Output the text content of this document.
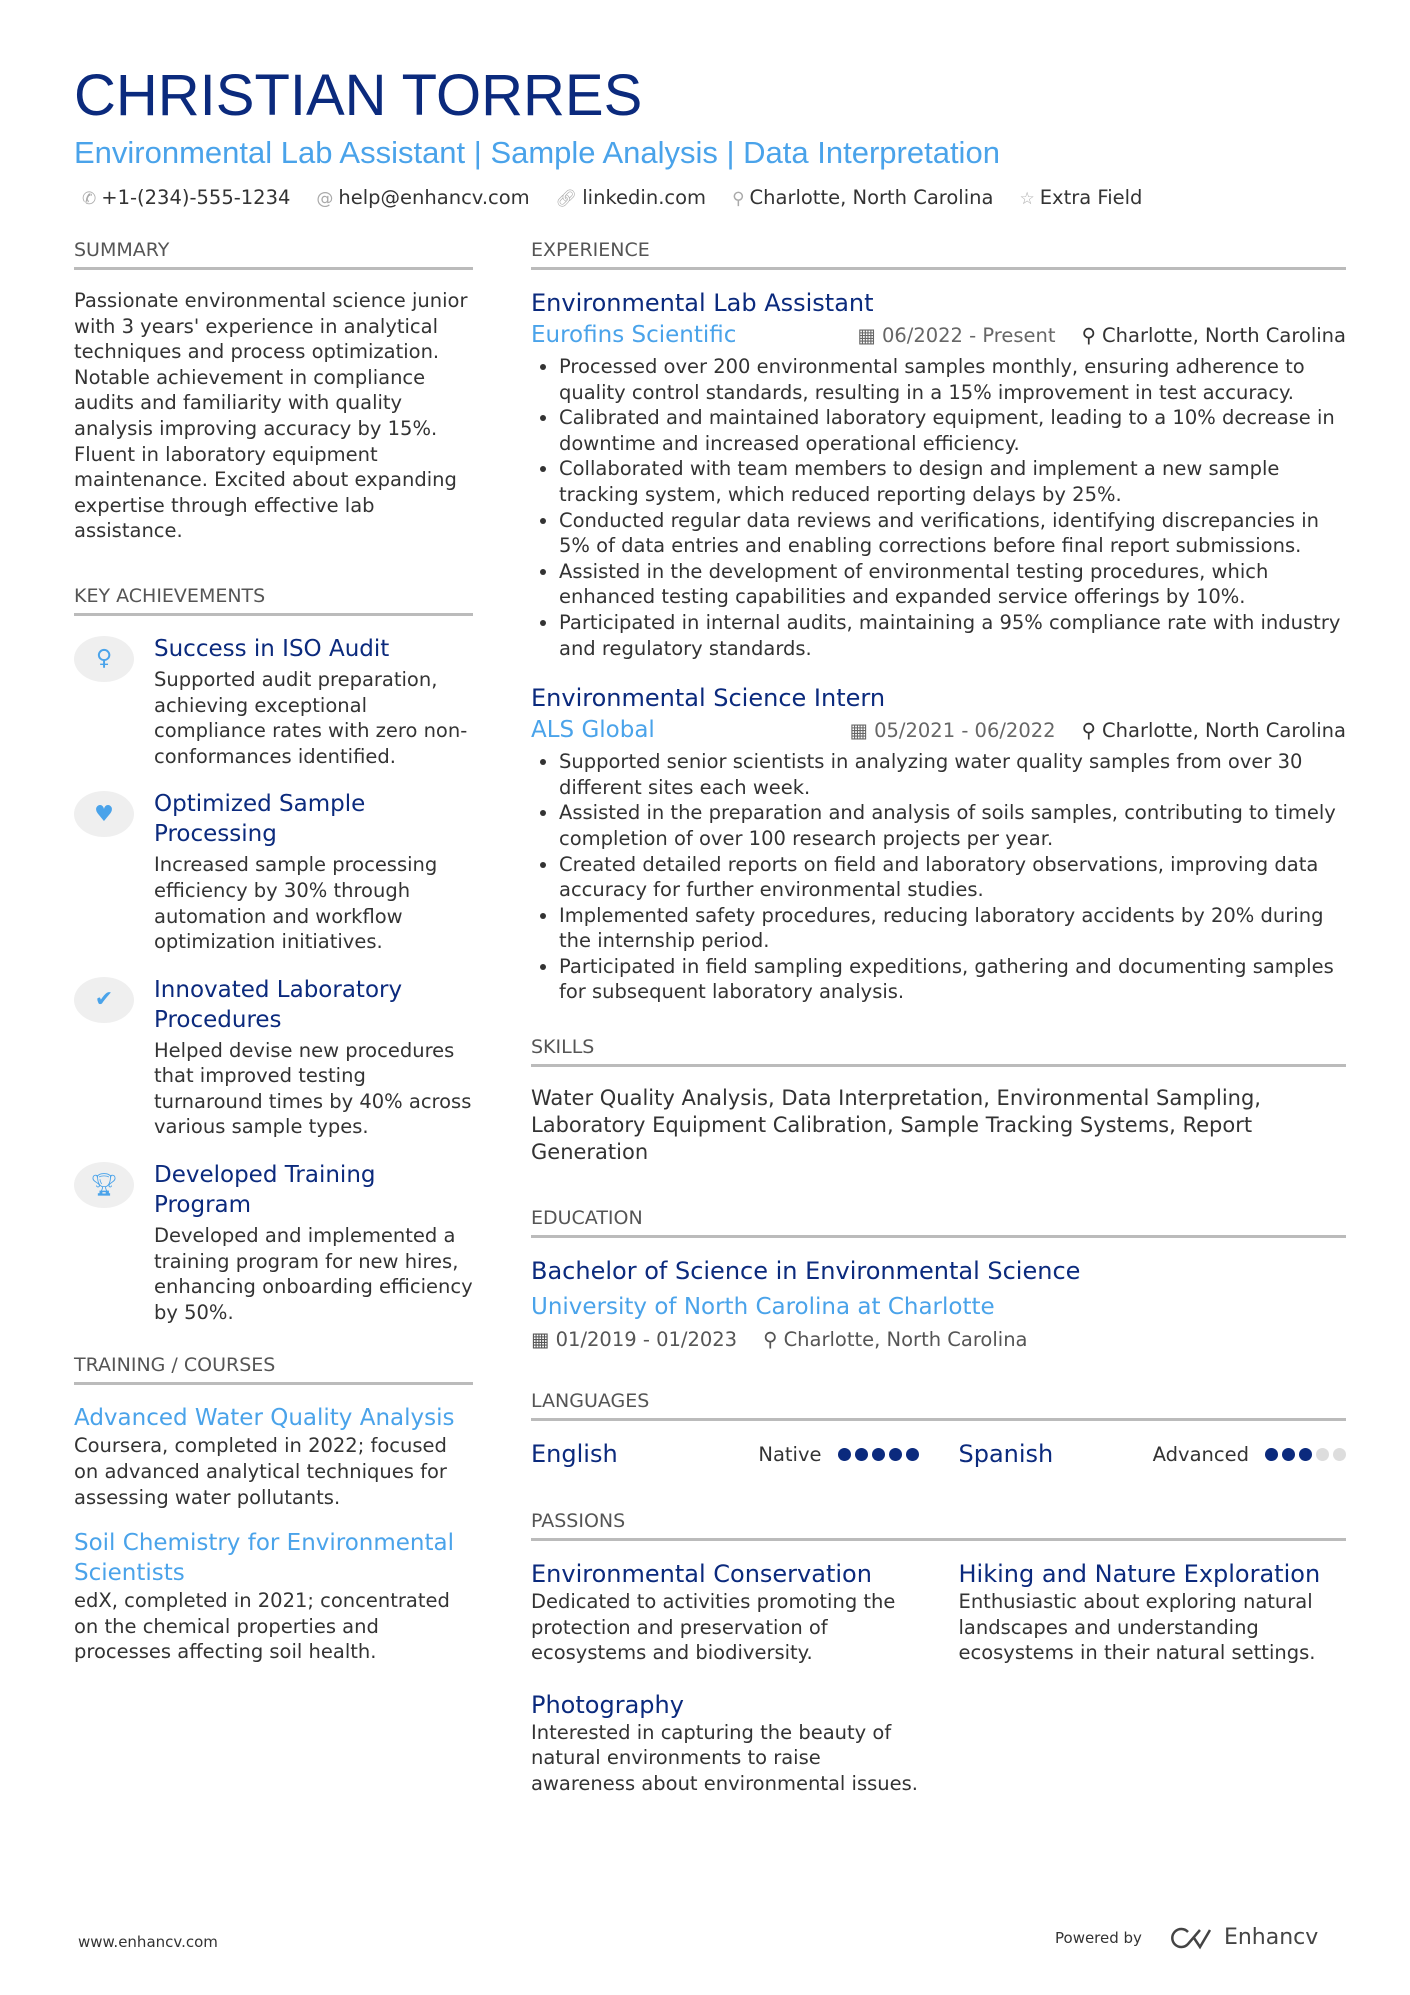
CHRISTIAN TORRES
Environmental Lab Assistant | Sample Analysis | Data Interpretation
✆ +1-(234)-555-1234 @ help@enhancv.com 🔗︎ linkedin.com ⚲ Charlotte, North Carolina ☆ Extra Field
SUMMARY
Passionate environmental science junior with 3 years' experience in analytical techniques and process optimization. Notable achievement in compliance audits and familiarity with quality analysis improving accuracy by 15%. Fluent in laboratory equipment maintenance. Excited about expanding expertise through effective lab assistance.
KEY ACHIEVEMENTS
♀	Success in ISO Audit
Supported audit preparation, achieving exceptional compliance rates with zero non-conformances identified.
♥	Optimized Sample Processing
Increased sample processing efficiency by 30% through automation and workflow optimization initiatives.
✔	Innovated Laboratory Procedures
Helped devise new procedures that improved testing turnaround times by 40% across various sample types.
🏆︎	Developed Training Program
Developed and implemented a training program for new hires, enhancing onboarding efficiency by 50%.
TRAINING / COURSES
Advanced Water Quality Analysis
Coursera, completed in 2022; focused on advanced analytical techniques for assessing water pollutants.
Soil Chemistry for Environmental Scientists
edX, completed in 2021; concentrated on the chemical properties and processes affecting soil health.
EXPERIENCE
Environmental Lab Assistant
Eurofins Scientific	▦ 06/2022 - Present ⚲ Charlotte, North Carolina
• Processed over 200 environmental samples monthly, ensuring adherence to quality control standards, resulting in a 15% improvement in test accuracy.
• Calibrated and maintained laboratory equipment, leading to a 10% decrease in downtime and increased operational efficiency.
• Collaborated with team members to design and implement a new sample tracking system, which reduced reporting delays by 25%.
• Conducted regular data reviews and verifications, identifying discrepancies in 5% of data entries and enabling corrections before final report submissions.
• Assisted in the development of environmental testing procedures, which enhanced testing capabilities and expanded service offerings by 10%.
• Participated in internal audits, maintaining a 95% compliance rate with industry and regulatory standards.
Environmental Science Intern
ALS Global	▦ 05/2021 - 06/2022 ⚲ Charlotte, North Carolina
• Supported senior scientists in analyzing water quality samples from over 30 different sites each week.
• Assisted in the preparation and analysis of soils samples, contributing to timely completion of over 100 research projects per year.
• Created detailed reports on field and laboratory observations, improving data accuracy for further environmental studies.
• Implemented safety procedures, reducing laboratory accidents by 20% during the internship period.
• Participated in field sampling expeditions, gathering and documenting samples for subsequent laboratory analysis.
SKILLS
Water Quality Analysis, Data Interpretation, Environmental Sampling, Laboratory Equipment Calibration, Sample Tracking Systems, Report Generation
EDUCATION
Bachelor of Science in Environmental Science
University of North Carolina at Charlotte
▦ 01/2019 - 01/2023 ⚲ Charlotte, North Carolina
LANGUAGES
English	Native	Spanish	Advanced
PASSIONS
Environmental Conservation
Dedicated to activities promoting the protection and preservation of ecosystems and biodiversity.
Hiking and Nature Exploration
Enthusiastic about exploring natural landscapes and understanding ecosystems in their natural settings.
Photography
Interested in capturing the beauty of natural environments to raise awareness about environmental issues.
www.enhancv.com	Powered by	Enhancv
